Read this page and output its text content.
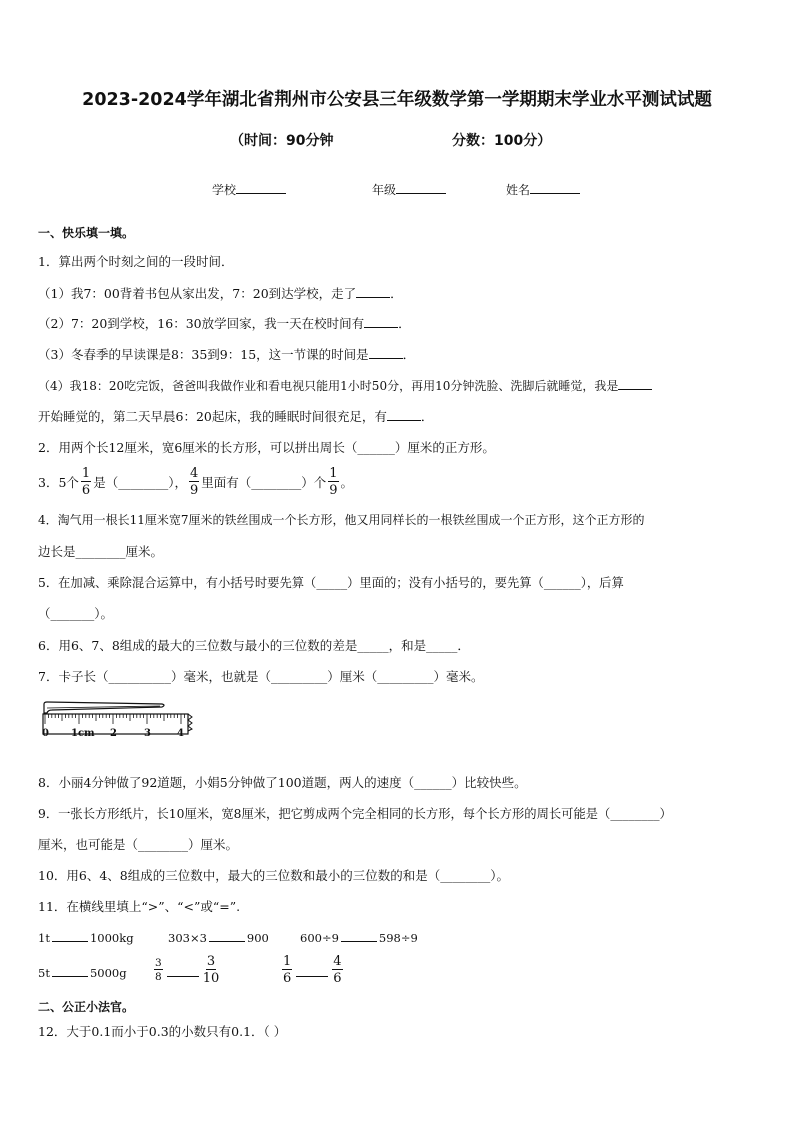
2023-2024学年湖北省荆州市公安县三年级数学第一学期期末学业水平测试试题
（时间：90分钟	分数：100分）
学校	年级	姓名
一、快乐填一填。
1．算出两个时刻之间的一段时间．
（1）我7：00背着书包从家出发，7：20到达学校，走了	．
（2）7：20到学校，16：30放学回家，我一天在校时间有	．
（3）冬春季的早读课是8：35到9：15，这一节课的时间是	．
（4）我18：20吃完饭，爸爸叫我做作业和看电视只能用1小时50分，再用10分钟洗脸、洗脚后就睡觉，我是
开始睡觉的，第二天早晨6：20起床，我的睡眠时间很充足，有	．
2．用两个长12厘米，宽6厘米的长方形，可以拼出周长（______）厘米的正方形。
3．5个 $\frac{1}{6}$ 是（________）， $\frac{4}{9}$ 里面有（________）个 $\frac{1}{9}$ 。
4．淘气用一根长11厘米宽7厘米的铁丝围成一个长方形，他又用同样长的一根铁丝围成一个正方形，这个正方形的
边长是________厘米。
5．在加减、乘除混合运算中，有小括号时要先算（_____）里面的；没有小括号的，要先算（______），后算
（_______）。
6．用6、7、8组成的最大的三位数与最小的三位数的差是_____，和是_____．
7．卡子长（__________）毫米，也就是（_________）厘米（_________）毫米。
0 1cm 2	3	4
8．小丽4分钟做了92道题，小娟5分钟做了100道题，两人的速度（______）比较快些。
9．一张长方形纸片，长10厘米，宽8厘米，把它剪成两个完全相同的长方形，每个长方形的周长可能是（________）
厘米，也可能是（________）厘米。
10．用6、4、8组成的三位数中，最大的三位数和最小的三位数的和是（________）。
11．在横线里填上“>”、“<”或“=”.
1t	1000kg	303×3	900	600÷9	598÷9
5t	5000g	$\frac{3}{8}$	$\frac{3}{10}$	$\frac{1}{6}$	$\frac{4}{6}$
二、公正小法官。
12．大于0.1而小于0.3的小数只有0.1．（ ）
